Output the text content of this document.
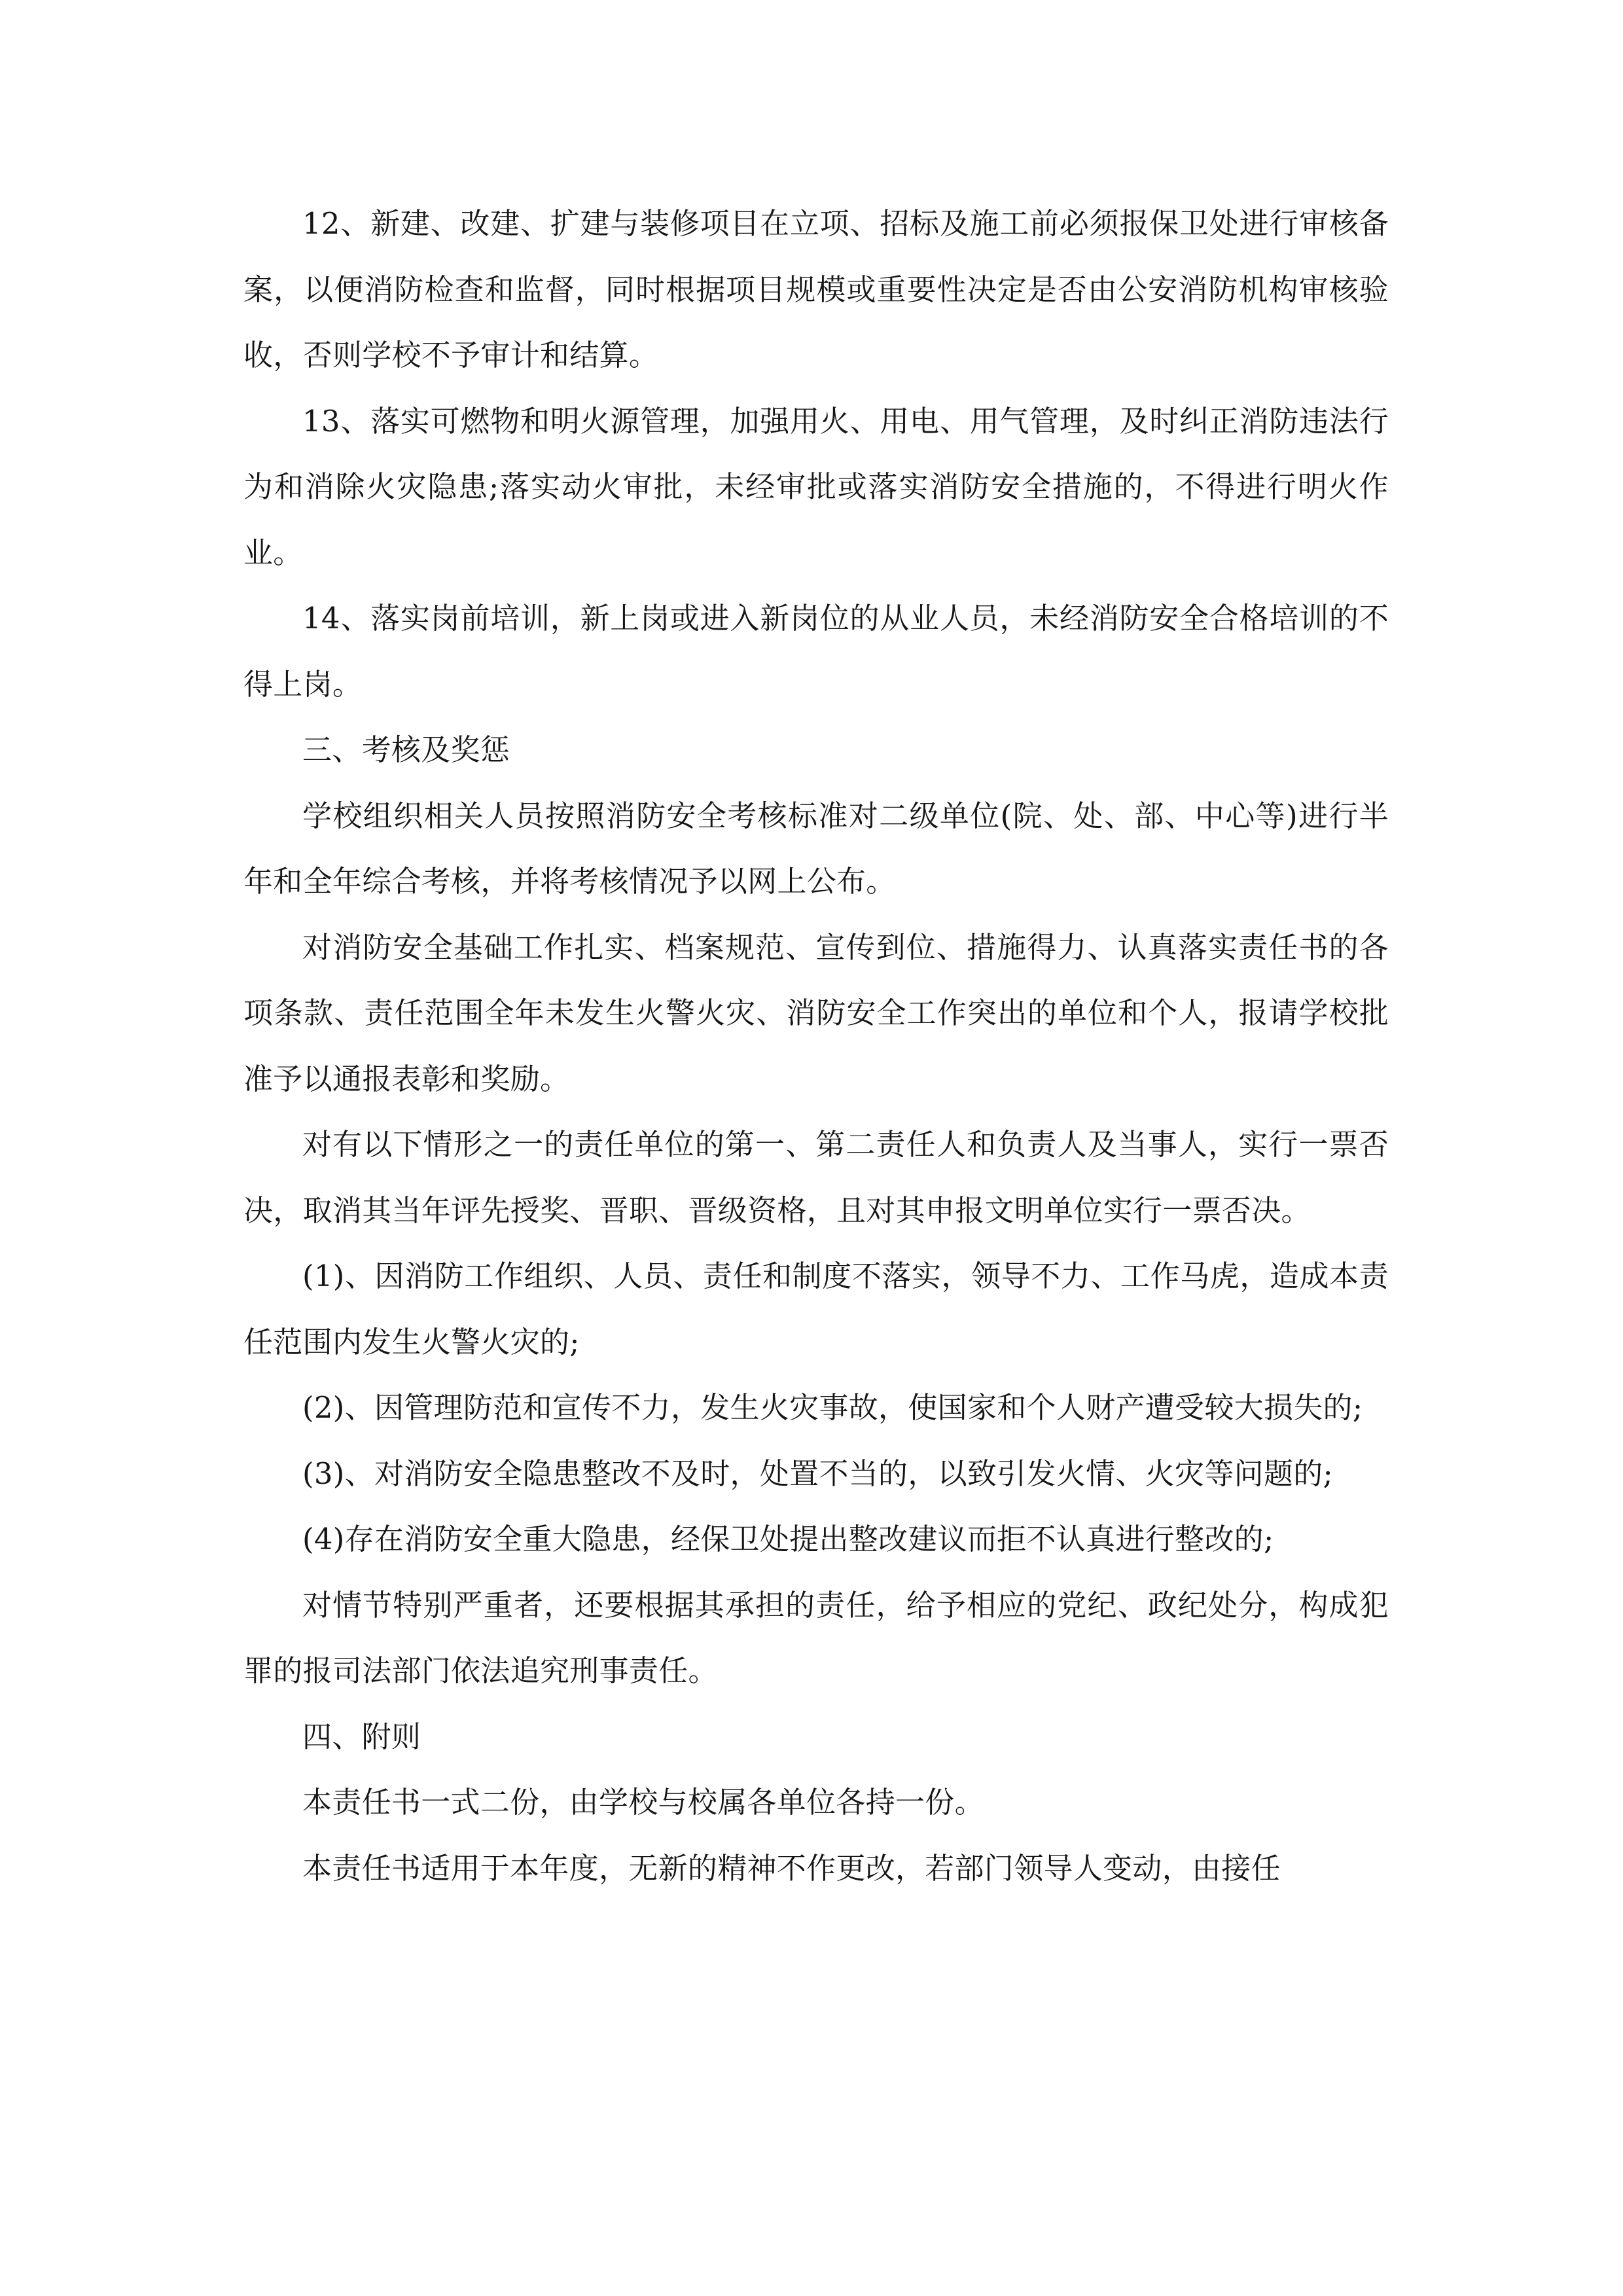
12、新建、改建、扩建与装修项目在立项、招标及施工前必须报保卫处进行审核备案，以便消防检查和监督，同时根据项目规模或重要性决定是否由公安消防机构审核验收，否则学校不予审计和结算。

13、落实可燃物和明火源管理，加强用火、用电、用气管理，及时纠正消防违法行为和消除火灾隐患;落实动火审批，未经审批或落实消防安全措施的，不得进行明火作业。

14、落实岗前培训，新上岗或进入新岗位的从业人员，未经消防安全合格培训的不得上岗。

三、考核及奖惩

学校组织相关人员按照消防安全考核标准对二级单位(院、处、部、中心等)进行半年和全年综合考核，并将考核情况予以网上公布。

对消防安全基础工作扎实、档案规范、宣传到位、措施得力、认真落实责任书的各项条款、责任范围全年未发生火警火灾、消防安全工作突出的单位和个人，报请学校批准予以通报表彰和奖励。

对有以下情形之一的责任单位的第一、第二责任人和负责人及当事人，实行一票否决，取消其当年评先授奖、晋职、晋级资格，且对其申报文明单位实行一票否决。

(1)、因消防工作组织、人员、责任和制度不落实，领导不力、工作马虎，造成本责任范围内发生火警火灾的;

(2)、因管理防范和宣传不力，发生火灾事故，使国家和个人财产遭受较大损失的;

(3)、对消防安全隐患整改不及时，处置不当的，以致引发火情、火灾等问题的;

(4)存在消防安全重大隐患，经保卫处提出整改建议而拒不认真进行整改的;

对情节特别严重者，还要根据其承担的责任，给予相应的党纪、政纪处分，构成犯罪的报司法部门依法追究刑事责任。

四、附则

本责任书一式二份，由学校与校属各单位各持一份。

本责任书适用于本年度，无新的精神不作更改，若部门领导人变动，由接任
